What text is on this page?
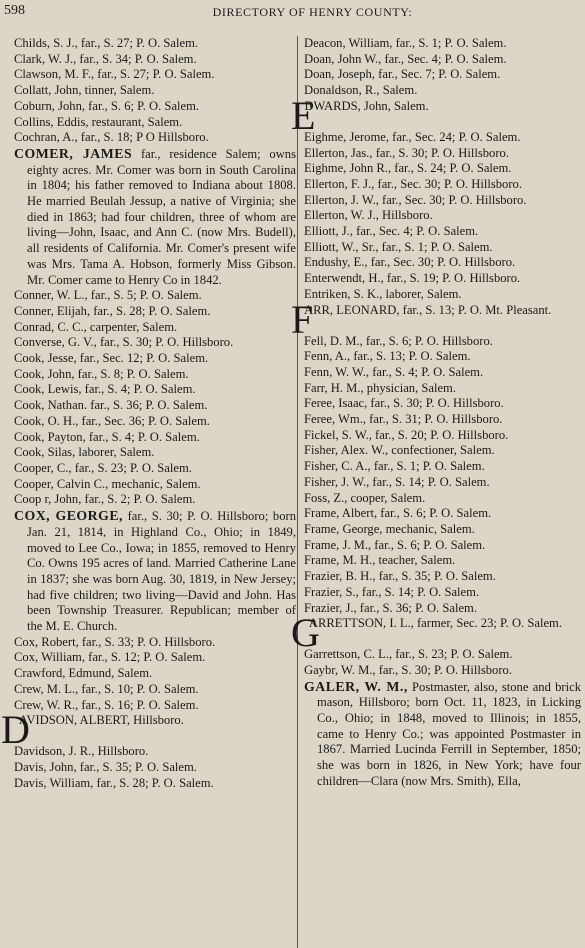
598	DIRECTORY OF HENRY COUNTY:

Childs, S. J., far., S. 27; P. O. Salem.

Clark, W. J., far., S. 34; P. O. Salem.

Clawson, M. F., far., S. 27; P. O. Salem.

Collatt, John, tinner, Salem.

Coburn, John, far., S. 6; P. O. Salem.

Collins, Eddis, restaurant, Salem.

Cochran, A., far., S. 18; P O Hillsboro.

COMER, JAMES far., residence Salem; owns eighty acres. Mr. Comer was born in South Carolina in 1804; his father removed to Indiana about 1808. He married Beulah Jessup, a native of Virginia; she died in 1863; had four children, three of whom are living—John, Isaac, and Ann C. (now Mrs. Budell), all residents of California. Mr. Comer's present wife was Mrs. Tama A. Hobson, formerly Miss Gibson. Mr. Comer came to Henry Co in 1842.

Conner, W. L., far., S. 5; P. O. Salem.

Conner, Elijah, far., S. 28; P. O. Salem.

Conrad, C. C., carpenter, Salem.

Converse, G. V., far., S. 30; P. O. Hillsboro.

Cook, Jesse, far., Sec. 12; P. O. Salem.

Cook, John, far., S. 8; P. O. Salem.

Cook, Lewis, far., S. 4; P. O. Salem.

Cook, Nathan. far., S. 36; P. O. Salem.

Cook, O. H., far., Sec. 36; P. O. Salem.

Cook, Payton, far., S. 4; P. O. Salem.

Cook, Silas, laborer, Salem.

Cooper, C., far., S. 23; P. O. Salem.

Cooper, Calvin C., mechanic, Salem.

Coop r, John, far., S. 2; P. O. Salem.

COX, GEORGE, far., S. 30; P. O. Hillsboro; born Jan. 21, 1814, in Highland Co., Ohio; in 1849, moved to Lee Co., Iowa; in 1855, removed to Henry Co. Owns 195 acres of land. Married Catherine Lane in 1837; she was born Aug. 30, 1819, in New Jersey; had five children; two living—David and John. Has been Township Treasurer. Republican; member of the M. E. Church.

Cox, Robert, far., S. 33; P. O. Hillsboro.

Cox, William, far., S. 12; P. O. Salem.

Crawford, Edmund, Salem.

Crew, M. L., far., S. 10; P. O. Salem.

Crew, W. R., far., S. 16; P. O. Salem.

D
AVIDSON, ALBERT, Hillsboro.

Davidson, J. R., Hillsboro.

Davis, John, far., S. 35; P. O. Salem.

Davis, William, far., S. 28; P. O. Salem.

Deacon, William, far., S. 1; P. O. Salem.

Doan, John W., far., Sec. 4; P. O. Salem.

Doan, Joseph, far., Sec. 7; P. O. Salem.

Donaldson, R., Salem.

E
DWARDS, John, Salem.

Eighme, Jerome, far., Sec. 24; P. O. Salem.

Ellerton, Jas., far., S. 30; P. O. Hillsboro.

Eighme, John R., far., S. 24; P. O. Salem.

Ellerton, F. J., far., Sec. 30; P. O. Hillsboro.

Ellerton, J. W., far., Sec. 30; P. O. Hillsboro.

Ellerton, W. J., Hillsboro.

Elliott, J., far., Sec. 4; P. O. Salem.

Elliott, W., Sr., far., S. 1; P. O. Salem.

Endushy, E., far., Sec. 30; P. O. Hillsboro.

Enterwendt, H., far., S. 19; P. O. Hillsboro.

Entriken, S. K., laborer, Salem.

F
ARR, LEONARD, far., S. 13; P. O. Mt. Pleasant.

Fell, D. M., far., S. 6; P. O. Hillsboro.

Fenn, A., far., S. 13; P. O. Salem.

Fenn, W. W., far., S. 4; P. O. Salem.

Farr, H. M., physician, Salem.

Feree, Isaac, far., S. 30; P. O. Hillsboro.

Feree, Wm., far., S. 31; P. O. Hillsboro.

Fickel, S. W., far., S. 20; P. O. Hillsboro.

Fisher, Alex. W., confectioner, Salem.

Fisher, C. A., far., S. 1; P. O. Salem.

Fisher, J. W., far., S. 14; P. O. Salem.

Foss, Z., cooper, Salem.

Frame, Albert, far., S. 6; P. O. Salem.

Frame, George, mechanic, Salem.

Frame, J. M., far., S. 6; P. O. Salem.

Frame, M. H., teacher, Salem.

Frazier, B. H., far., S. 35; P. O. Salem.

Frazier, S., far., S. 14; P. O. Salem.

Frazier, J., far., S. 36; P. O. Salem.

G
ARRETTSON, I. L., farmer, Sec. 23; P. O. Salem.

Garrettson, C. L., far., S. 23; P. O. Salem.

Gaybr, W. M., far., S. 30; P. O. Hillsboro.

GALER, W. M., Postmaster, also, stone and brick mason, Hillsboro; born Oct. 11, 1823, in Licking Co., Ohio; in 1848, moved to Illinois; in 1855, came to Henry Co.; was appointed Postmaster in 1867. Married Lucinda Ferrill in September, 1850; she was born in 1826, in New York; have four children—Clara (now Mrs. Smith), Ella,
